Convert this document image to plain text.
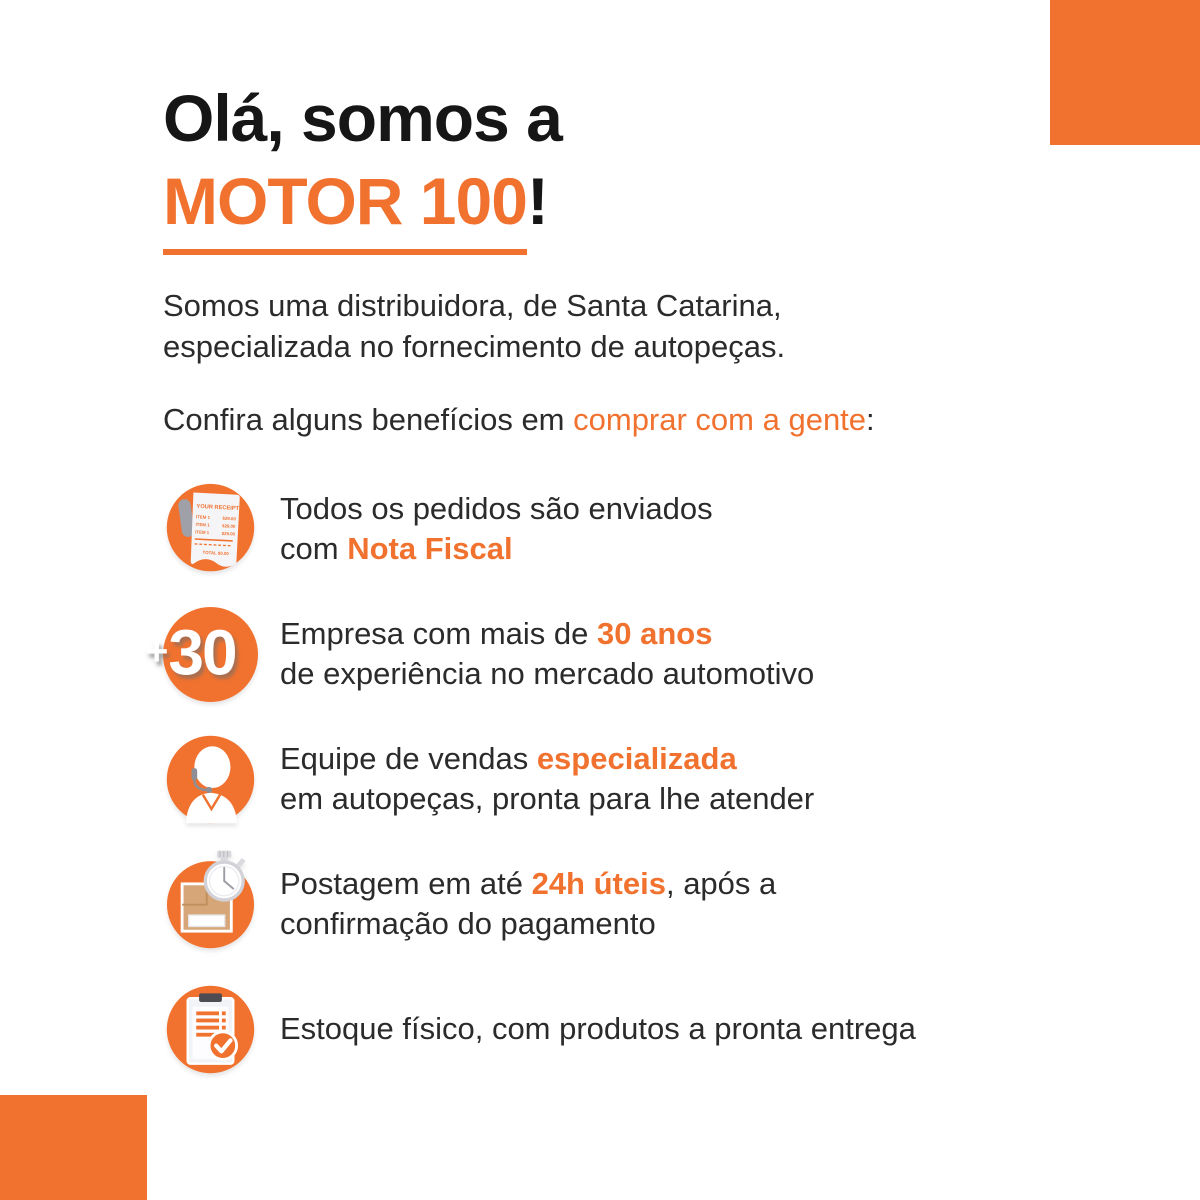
Olá, somos a
MOTOR 100!
Somos uma distribuidora, de Santa Catarina,
especializada no fornecimento de autopeças.
Confira alguns benefícios em comprar com a gente:
YOUR RECEIPT
ITEM 1	$29.00
ITEM 1	$29.00
ITEM 1	$29.00
TOTAL $0.00
Todos os pedidos são enviados
com Nota Fiscal
+30 Empresa com mais de 30 anos
de experiência no mercado automotivo
Equipe de vendas especializada
em autopeças, pronta para lhe atender
Postagem em até 24h úteis, após a
confirmação do pagamento
Estoque físico, com produtos a pronta entrega
